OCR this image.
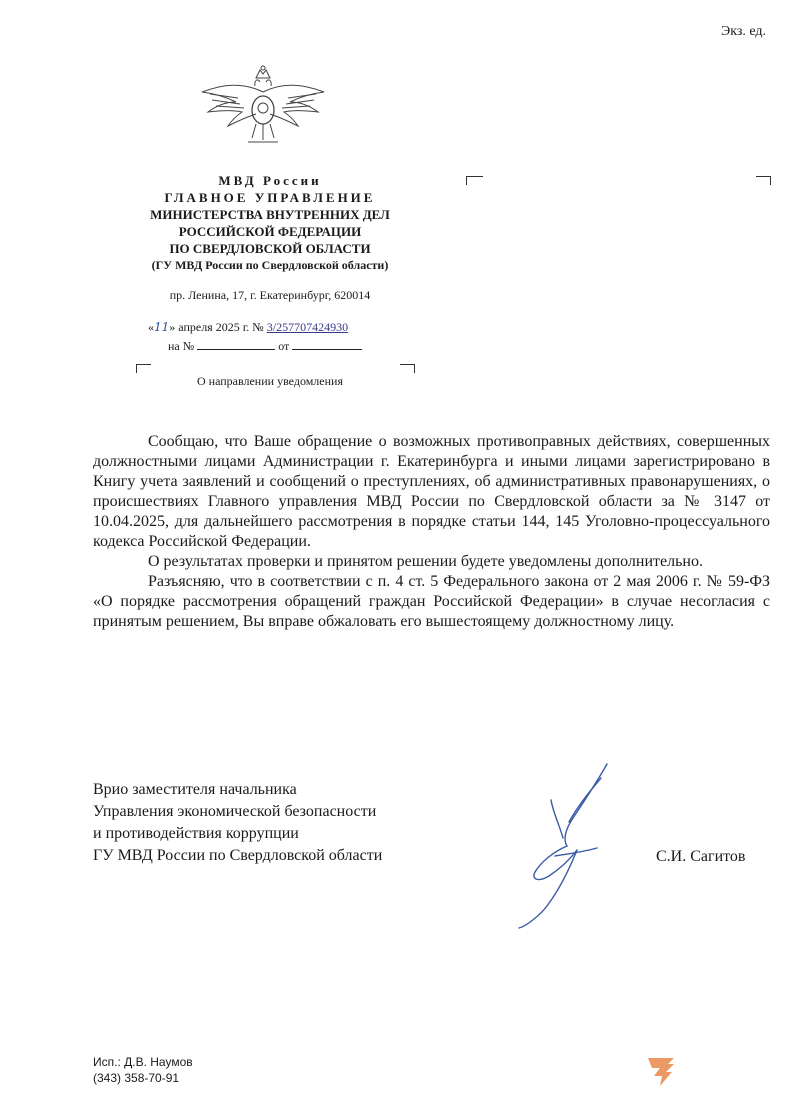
Экз. ед.
МВД России
ГЛАВНОЕ УПРАВЛЕНИЕ
МИНИСТЕРСТВА ВНУТРЕННИХ ДЕЛ
РОССИЙСКОЙ ФЕДЕРАЦИИ
ПО СВЕРДЛОВСКОЙ ОБЛАСТИ
(ГУ МВД России по Свердловской области)
пр. Ленина, 17, г. Екатеринбург, 620014
«11» апреля 2025 г. № 3/257707424930
на №	от
О направлении уведомления

Сообщаю, что Ваше обращение о возможных противоправных действиях, совершенных должностными лицами Администрации г. Екатеринбурга и иными лицами зарегистрировано в Книгу учета заявлений и сообщений о преступлениях, об административных правонарушениях, о происшествиях Главного управления МВД России по Свердловской области за № 3147 от 10.04.2025, для дальнейшего рассмотрения в порядке статьи 144, 145 Уголовно-процессуального кодекса Российской Федерации.

О результатах проверки и принятом решении будете уведомлены дополнительно.

Разъясняю, что в соответствии с п. 4 ст. 5 Федерального закона от 2 мая 2006 г. № 59-ФЗ «О порядке рассмотрения обращений граждан Российской Федерации» в случае несогласия с принятым решением, Вы вправе обжаловать его вышестоящему должностному лицу.

Врио заместителя начальника
Управления экономической безопасности
и противодействия коррупции
ГУ МВД России по Свердловской области	С.И. Сагитов
Исп.: Д.В. Наумов
(343) 358-70-91
